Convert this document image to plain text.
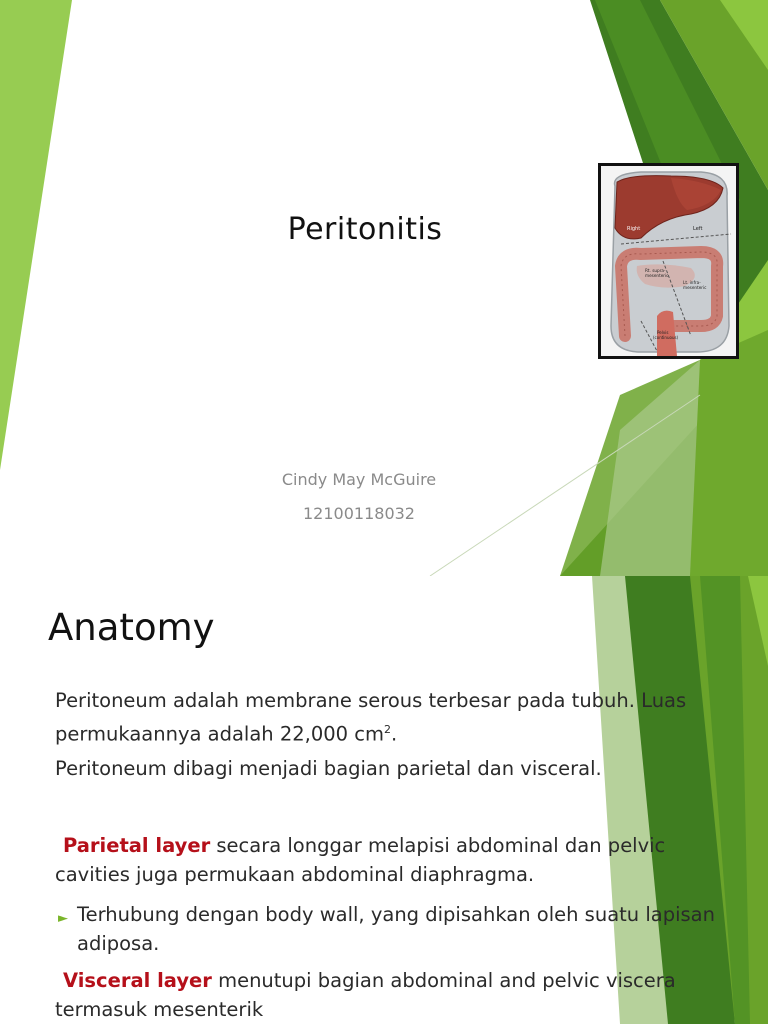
Peritonitis
Cindy May McGuire
12100118032
Right	Left
Rt. supra-
mesenteric
Lt. infra-
mesenteric
Pelvis
(continuous)
Anatomy
Peritoneum adalah membrane serous terbesar pada tubuh. Luas permukaannya adalah 22,000 $cm^2$.
Peritoneum dibagi menjadi bagian parietal dan visceral.
Parietal layer secara longgar melapisi abdominal dan pelvic cavities juga permukaan abdominal diaphragma.
► Terhubung dengan body wall, yang dipisahkan oleh suatu lapisan adiposa.
Visceral layer menutupi bagian abdominal and pelvic viscera termasuk mesenterik
